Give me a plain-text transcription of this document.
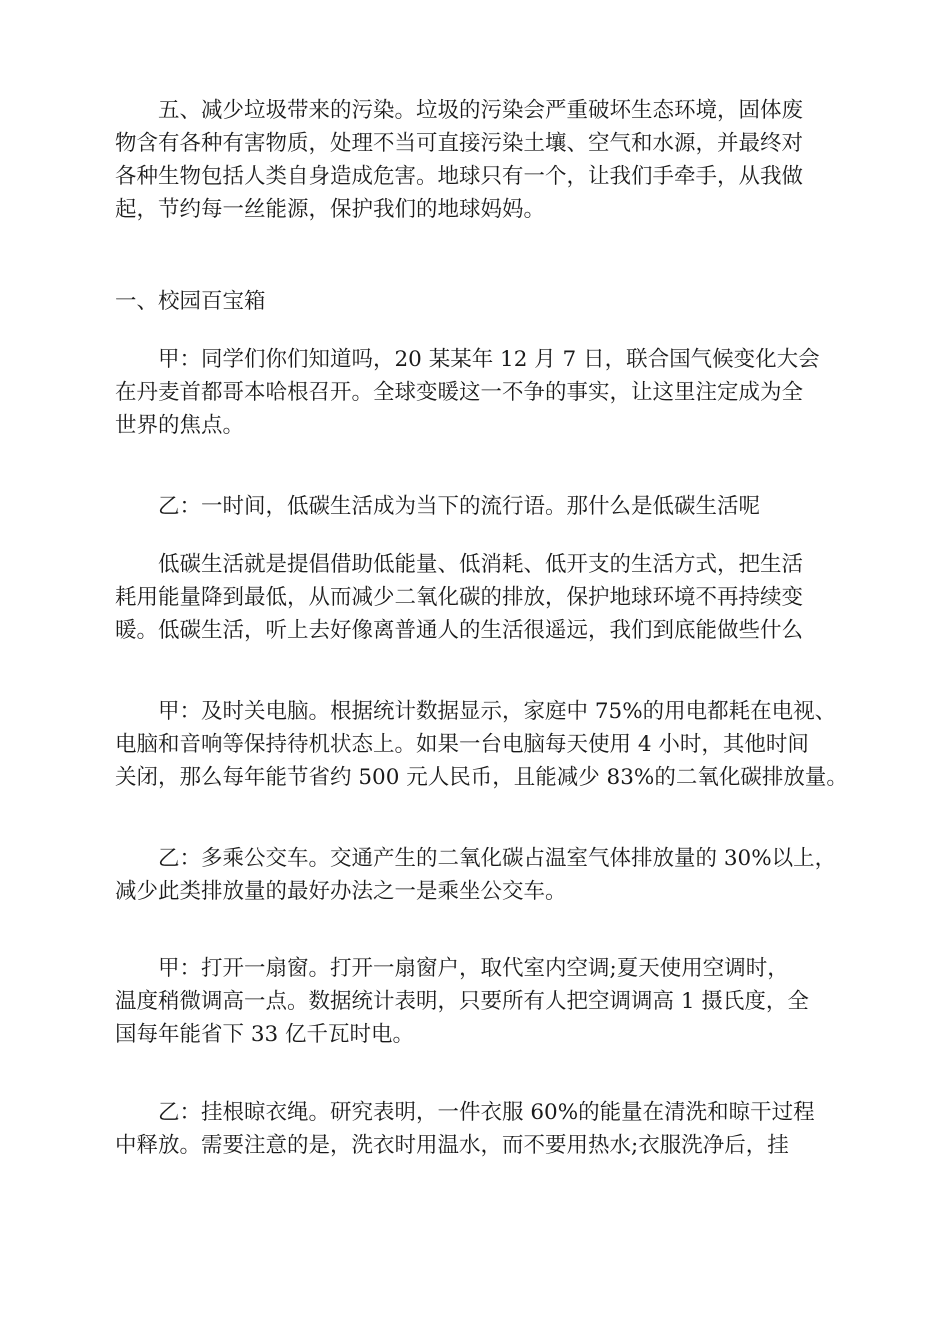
　　五、减少垃圾带来的污染。垃圾的污染会严重破坏生态环境，固体废
物含有各种有害物质，处理不当可直接污染土壤、空气和水源，并最终对
各种生物包括人类自身造成危害。地球只有一个，让我们手牵手，从我做
起，节约每一丝能源，保护我们的地球妈妈。

一、校园百宝箱

　　甲：同学们你们知道吗，20 某某年 12 月 7 日，联合国气候变化大会
在丹麦首都哥本哈根召开。全球变暖这一不争的事实，让这里注定成为全
世界的焦点。

　　乙：一时间，低碳生活成为当下的流行语。那什么是低碳生活呢

　　低碳生活就是提倡借助低能量、低消耗、低开支的生活方式，把生活
耗用能量降到最低，从而减少二氧化碳的排放，保护地球环境不再持续变
暖。低碳生活，听上去好像离普通人的生活很遥远，我们到底能做些什么

　　甲：及时关电脑。根据统计数据显示，家庭中 75%的用电都耗在电视、
电脑和音响等保持待机状态上。如果一台电脑每天使用 4 小时，其他时间
关闭，那么每年能节省约 500 元人民币，且能减少 83%的二氧化碳排放量。

　　乙：多乘公交车。交通产生的二氧化碳占温室气体排放量的 30%以上，
减少此类排放量的最好办法之一是乘坐公交车。

　　甲：打开一扇窗。打开一扇窗户，取代室内空调;夏天使用空调时，
温度稍微调高一点。数据统计表明，只要所有人把空调调高 1 摄氏度，全
国每年能省下 33 亿千瓦时电。

　　乙：挂根晾衣绳。研究表明，一件衣服 60%的能量在清洗和晾干过程
中释放。需要注意的是，洗衣时用温水，而不要用热水;衣服洗净后，挂
